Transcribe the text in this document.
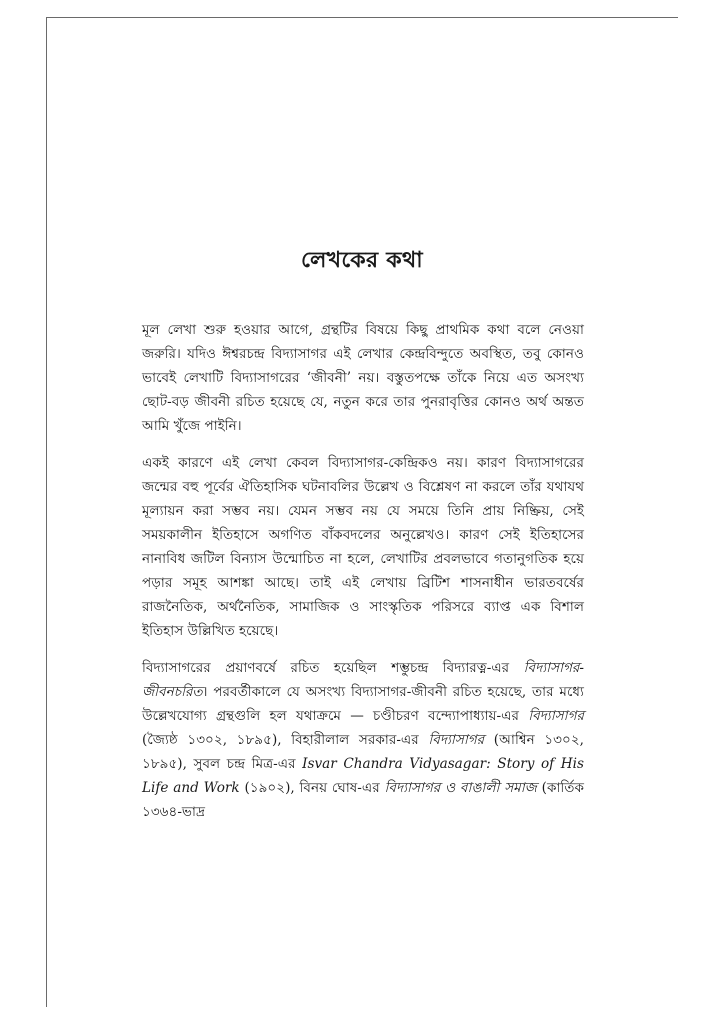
লেখকের কথা

মূল লেখা শুরু হওয়ার আগে, গ্রন্থটির বিষয়ে কিছু প্রাথমিক কথা বলে নেওয়া জরুরি। যদিও ঈশ্বরচন্দ্র বিদ্যাসাগর এই লেখার কেন্দ্রবিন্দুতে অবস্থিত, তবু কোনও ভাবেই লেখাটি বিদ্যাসাগরের ‘জীবনী’ নয়। বস্তুতপক্ষে তাঁকে নিয়ে এত অসংখ্য ছোট-বড় জীবনী রচিত হয়েছে যে, নতুন করে তার পুনরাবৃত্তির কোনও অর্থ অন্তত আমি খুঁজে পাইনি।

একই কারণে এই লেখা কেবল বিদ্যাসাগর-কেন্দ্রিকও নয়। কারণ বিদ্যাসাগরের জন্মের বহু পূর্বের ঐতিহাসিক ঘটনাবলির উল্লেখ ও বিশ্লেষণ না করলে তাঁর যথাযথ মূল্যায়ন করা সম্ভব নয়। যেমন সম্ভব নয় যে সময়ে তিনি প্রায় নিষ্ক্রিয়, সেই সময়কালীন ইতিহাসে অগণিত বাঁকবদলের অনুল্লেখও। কারণ সেই ইতিহাসের নানাবিধ জটিল বিন্যাস উন্মোচিত না হলে, লেখাটির প্রবলভাবে গতানুগতিক হয়ে পড়ার সমূহ আশঙ্কা আছে। তাই এই লেখায় ব্রিটিশ শাসনাধীন ভারতবর্ষের রাজনৈতিক, অর্থনৈতিক, সামাজিক ও সাংস্কৃতিক পরিসরে ব্যাপ্ত এক বিশাল ইতিহাস উল্লিখিত হয়েছে।

বিদ্যাসাগরের প্রয়াণবর্ষে রচিত হয়েছিল শম্ভুচন্দ্র বিদ্যারত্ন-এর বিদ্যাসাগর-জীবনচরিত। পরবর্তীকালে যে অসংখ্য বিদ্যাসাগর-জীবনী রচিত হয়েছে, তার মধ্যে উল্লেখযোগ্য গ্রন্থগুলি হল যথাক্রমে — চণ্ডীচরণ বন্দ্যোপাধ্যায়-এর বিদ্যাসাগর (জ্যৈষ্ঠ ১৩০২, ১৮৯৫), বিহারীলাল সরকার-এর বিদ্যাসাগর (আশ্বিন ১৩০২, ১৮৯৫), সুবল চন্দ্র মিত্র-এর Isvar Chandra Vidyasagar: Story of His Life and Work (১৯০২), বিনয় ঘোষ-এর বিদ্যাসাগর ও বাঙালী সমাজ (কার্তিক ১৩৬৪-ভাদ্র
